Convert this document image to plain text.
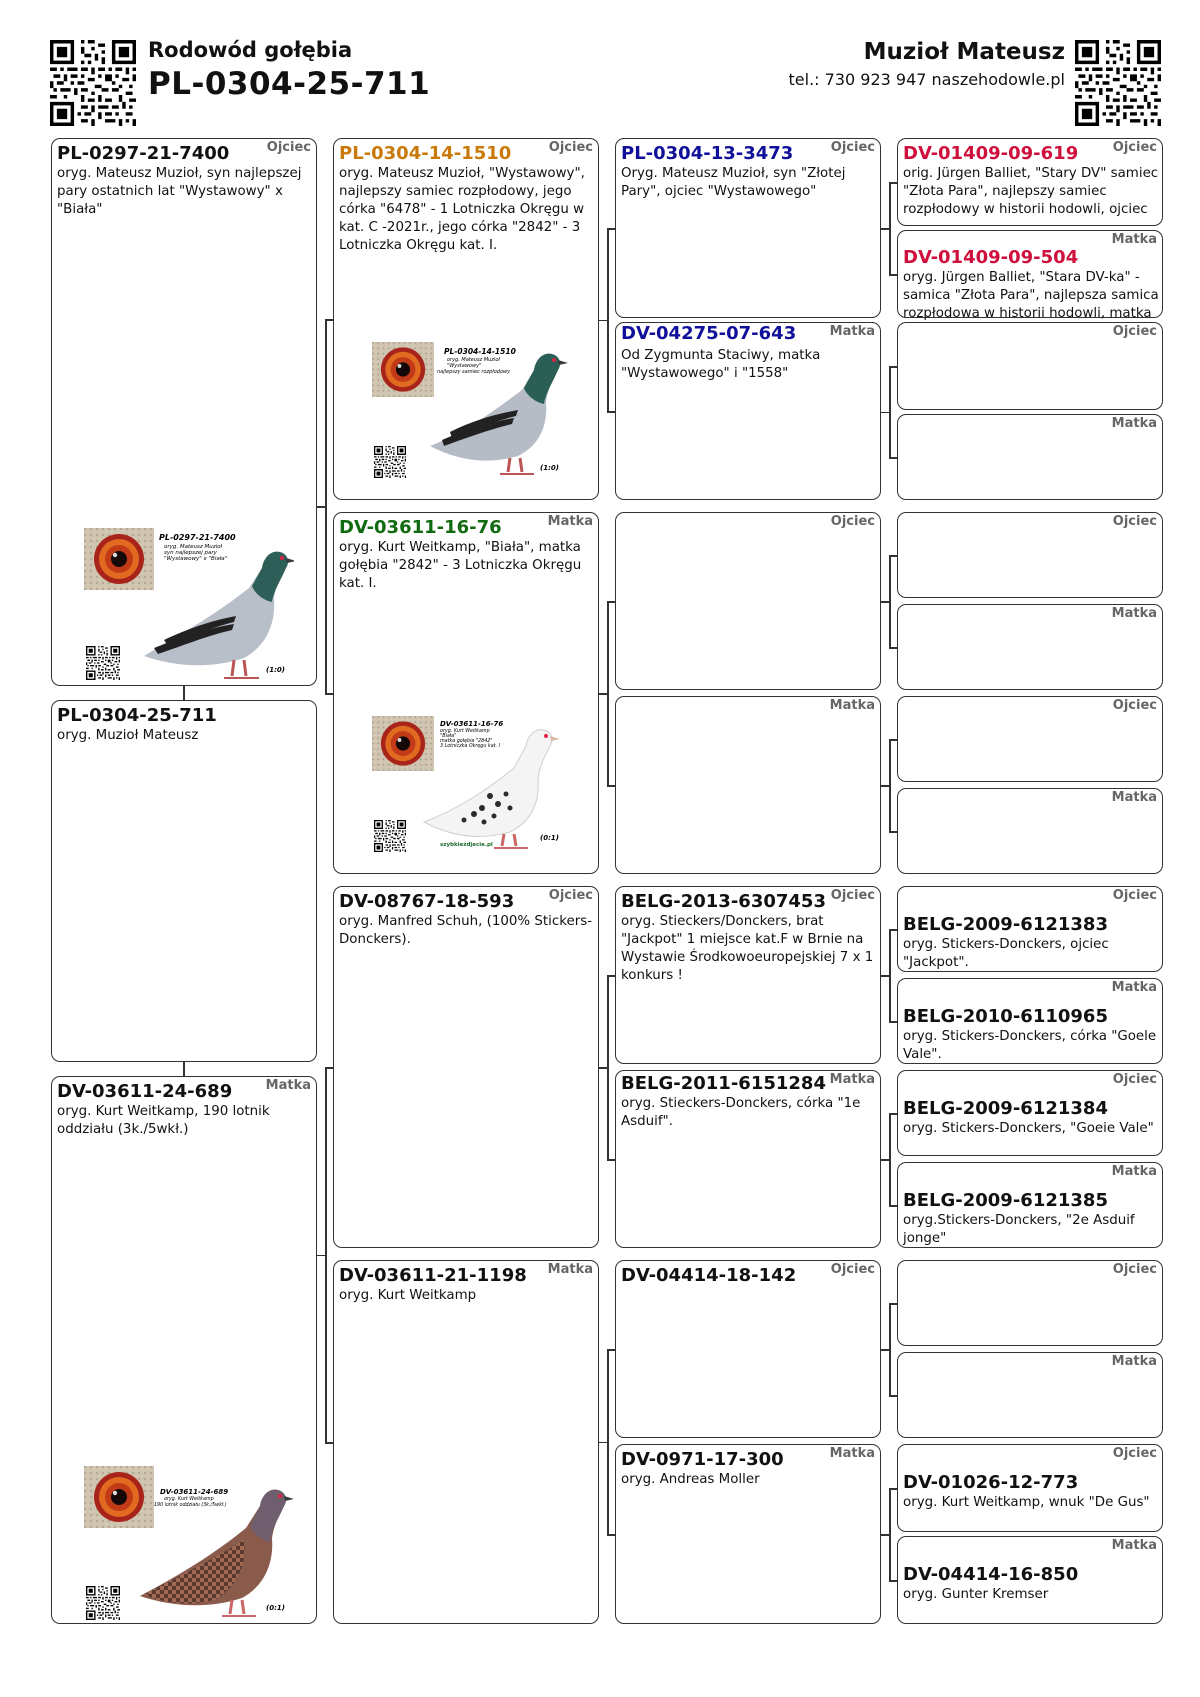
Rodowód gołębia
PL-0304-25-711
Muzioł Mateusz
tel.: 730 923 947 naszehodowle.pl
PL-0297-21-7400	Ojciec
oryg. Mateusz Muzioł, syn najlepszej pary ostatnich lat "Wystawowy" x "Biała"
PL-0304-25-711
oryg. Muzioł Mateusz
DV-03611-24-689	Matka
oryg. Kurt Weitkamp, 190 lotnik oddziału (3k./5wkł.)
PL-0304-14-1510	Ojciec
oryg. Mateusz Muzioł, "Wystawowy", najlepszy samiec rozpłodowy, jego córka "6478" - 1 Lotniczka Okręgu w kat. C -2021r., jego córka "2842" - 3 Lotniczka Okręgu kat. I.
DV-03611-16-76	Matka
oryg. Kurt Weitkamp, "Biała", matka gołębia "2842" - 3 Lotniczka Okręgu kat. I.
DV-08767-18-593	Ojciec
oryg. Manfred Schuh, (100% Stickers-Donckers).
DV-03611-21-1198 Matka
oryg. Kurt Weitkamp
PL-0304-13-3473	Ojciec
Oryg. Mateusz Muzioł, syn "Złotej Pary", ojciec "Wystawowego"
DV-04275-07-643	Matka
Od Zygmunta Staciwy, matka "Wystawowego" i "1558"
Ojciec
Matka
BELG-2013-6307453 Ojciec
oryg. Stieckers/Donckers, brat "Jackpot" 1 miejsce kat.F w Brnie na Wystawie Środkowoeuropejskiej 7 x 1 konkurs !
BELG-2011-6151284 Matka
oryg. Stieckers-Donckers, córka "1e Asduif".
DV-04414-18-142	Ojciec
DV-0971-17-300	Matka
oryg. Andreas Moller
DV-01409-09-619	Ojciec
orig. Jürgen Balliet, "Stary DV" samiec "Złota Para", najlepszy samiec rozpłodowy w historii hodowli, ojciec
Matka
DV-01409-09-504
oryg. Jürgen Balliet, "Stara DV-ka" - samica "Złota Para", najlepsza samica rozpłodowa w historii hodowli, matka
Ojciec
Matka
Ojciec
Matka
Ojciec
Matka
Ojciec
BELG-2009-6121383
oryg. Stickers-Donckers, ojciec "Jackpot".
Matka
BELG-2010-6110965
oryg. Stickers-Donckers, córka "Goele Vale".
Ojciec
BELG-2009-6121384
oryg. Stickers-Donckers, "Goeie Vale"
Matka
BELG-2009-6121385
oryg.Stickers-Donckers, "2e Asduif jonge"
Ojciec
Matka
Ojciec
DV-01026-12-773
oryg. Kurt Weitkamp, wnuk "De Gus"
Matka
DV-04414-16-850
oryg. Gunter Kremser
PL-0297-21-7400
oryg. Mateusz Muzioł
syn najlepszej pary
"Wystawowy" x "Biała"
(1:0)
PL-0304-14-1510
oryg. Mateusz Muzioł
"Wystawowy"
najlepszy samiec rozpłodowy
(1:0)
DV-03611-16-76
oryg. Kurt Weitkamp
"Biała"
matka gołębia "2842"
3 Lotniczka Okręgu kat. I
szybkiezdjecie.pl
(0:1)
DV-03611-24-689
oryg. Kurt Weitkamp
190 lotnik oddziału (3k./5wkł.)
(0:1)
